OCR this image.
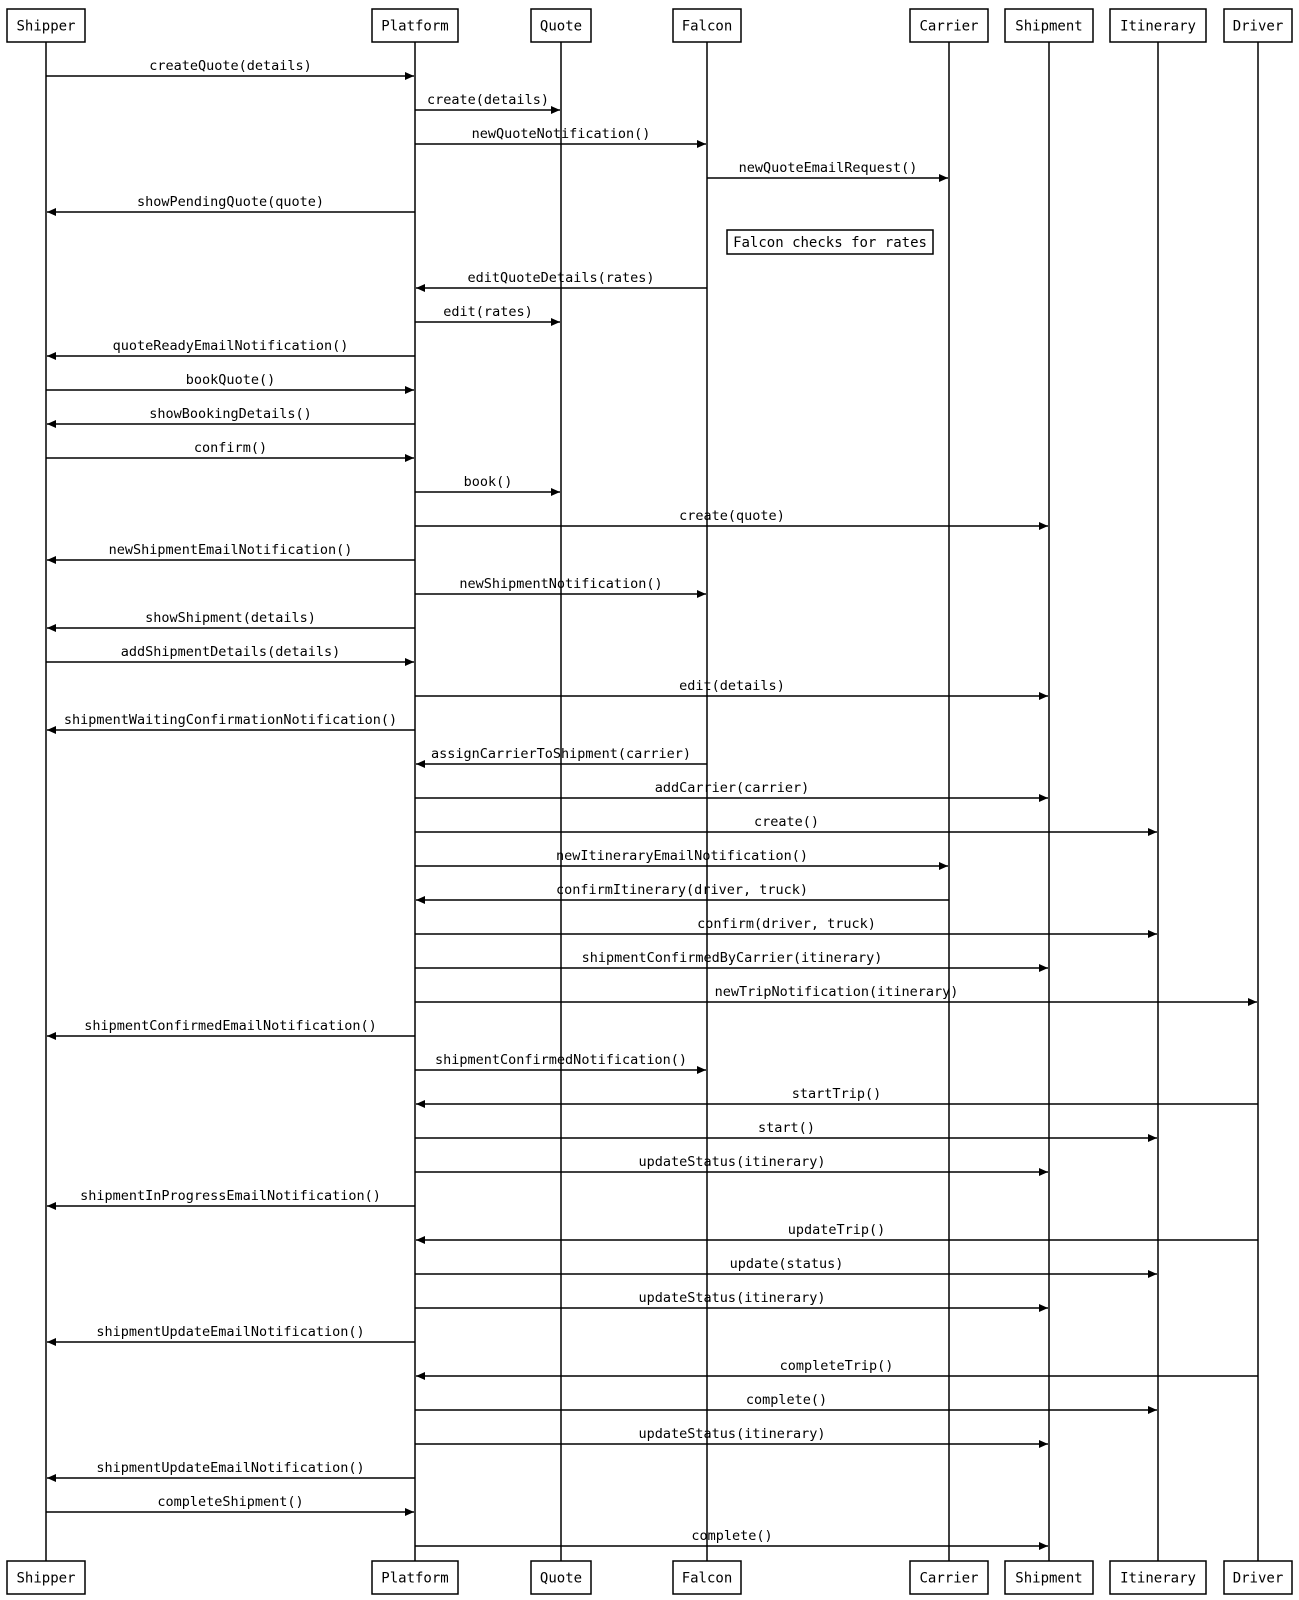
createQuote(details)
create(details)
newQuoteNotification()
newQuoteEmailRequest()
showPendingQuote(quote)
Falcon checks for rates
editQuoteDetails(rates)
edit(rates)
quoteReadyEmailNotification()
bookQuote()
showBookingDetails()
confirm()
book()
create(quote)
newShipmentEmailNotification()
newShipmentNotification()
showShipment(details)
addShipmentDetails(details)
edit(details)
shipmentWaitingConfirmationNotification()
assignCarrierToShipment(carrier)
addCarrier(carrier)
create()
newItineraryEmailNotification()
confirmItinerary(driver, truck)
confirm(driver, truck)
shipmentConfirmedByCarrier(itinerary)
newTripNotification(itinerary)
shipmentConfirmedEmailNotification()
shipmentConfirmedNotification()
startTrip()
start()
updateStatus(itinerary)
shipmentInProgressEmailNotification()
updateTrip()
update(status)
updateStatus(itinerary)
shipmentUpdateEmailNotification()
completeTrip()
complete()
updateStatus(itinerary)
shipmentUpdateEmailNotification()
completeShipment()
complete()
Shipper
Shipper
Platform
Platform
Quote
Quote
Falcon
Falcon
Carrier
Carrier
Shipment
Shipment
Itinerary
Itinerary
Driver
Driver
